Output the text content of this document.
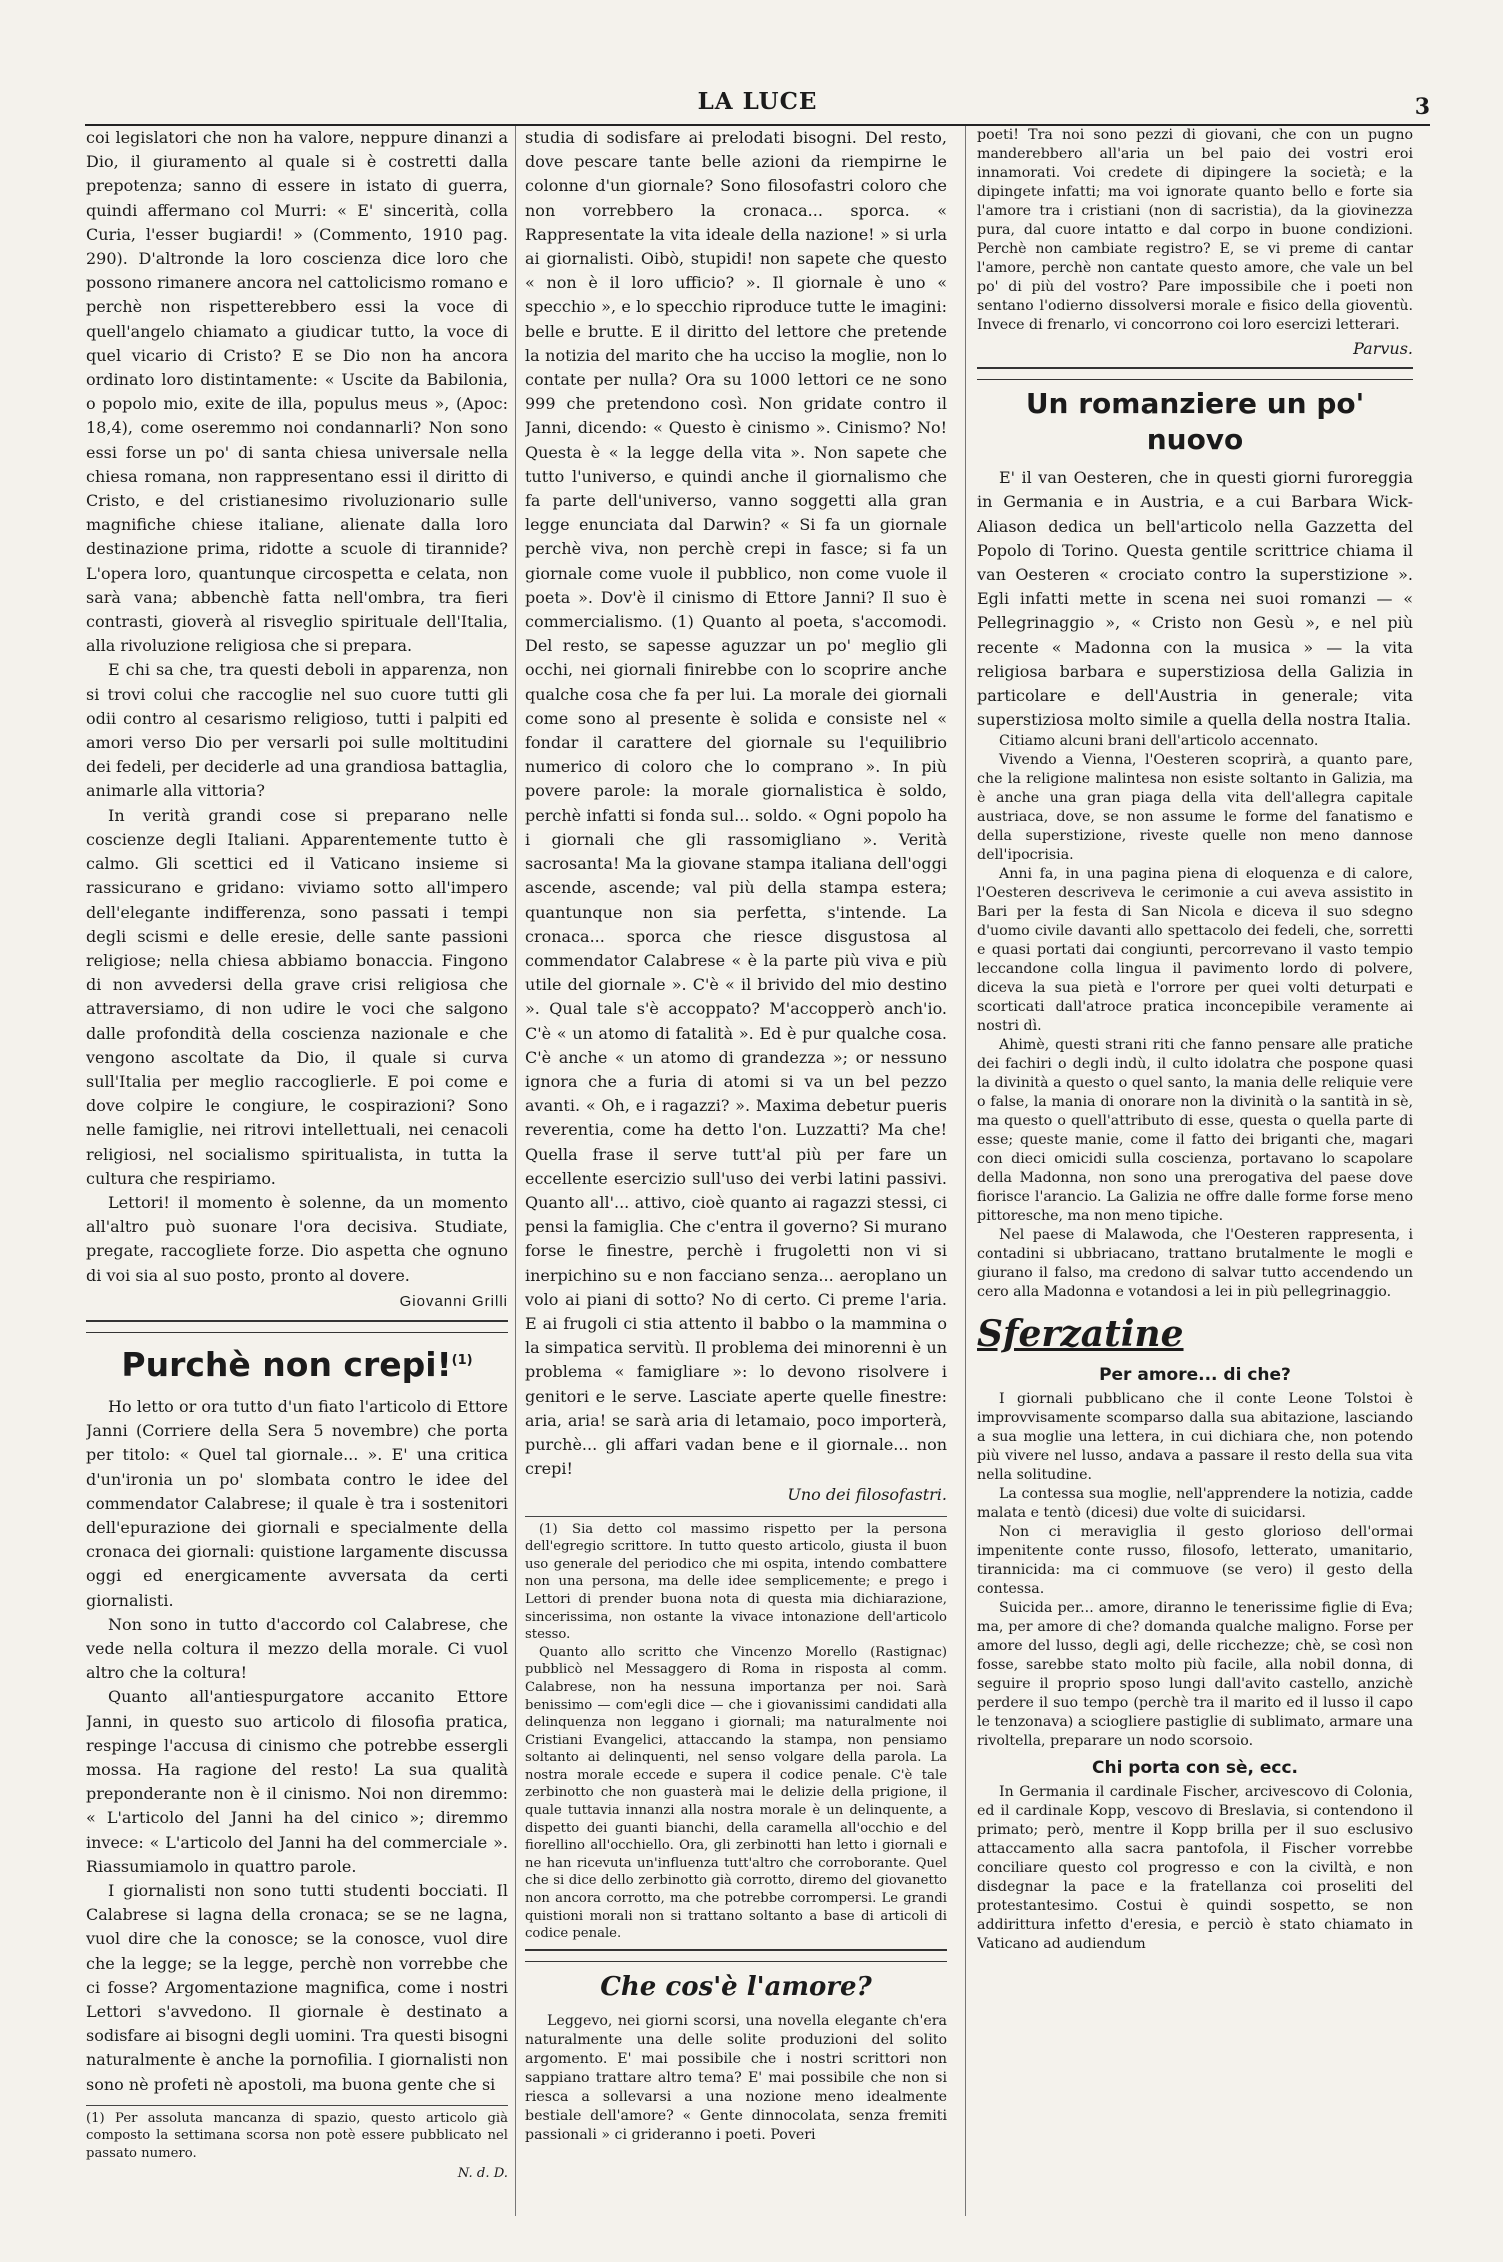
LA LUCE	3

coi legislatori che non ha valore, neppure dinanzi a Dio, il giuramento al quale si è costretti dalla prepotenza; sanno di essere in istato di guerra, quindi affermano col Murri: « E' sincerità, colla Curia, l'esser bugiardi! » (Commento, 1910 pag. 290). D'altronde la loro coscienza dice loro che possono rimanere ancora nel cattolicismo romano e perchè non rispetterebbero essi la voce di quell'angelo chiamato a giudicar tutto, la voce di quel vicario di Cristo? E se Dio non ha ancora ordinato loro distintamente: « Uscite da Babilonia, o popolo mio, exite de illa, populus meus », (Apoc: 18,4), come oseremmo noi condannarli? Non sono essi forse un po' di santa chiesa universale nella chiesa romana, non rappresentano essi il diritto di Cristo, e del cristianesimo rivoluzionario sulle magnifiche chiese italiane, alienate dalla loro destinazione prima, ridotte a scuole di tirannide? L'opera loro, quantunque circospetta e celata, non sarà vana; abbenchè fatta nell'ombra, tra fieri contrasti, gioverà al risveglio spirituale dell'Italia, alla rivoluzione religiosa che si prepara.

E chi sa che, tra questi deboli in apparenza, non si trovi colui che raccoglie nel suo cuore tutti gli odii contro al cesarismo religioso, tutti i palpiti ed amori verso Dio per versarli poi sulle moltitudini dei fedeli, per deciderle ad una grandiosa battaglia, animarle alla vittoria?

In verità grandi cose si preparano nelle coscienze degli Italiani. Apparentemente tutto è calmo. Gli scettici ed il Vaticano insieme si rassicurano e gridano: viviamo sotto all'impero dell'elegante indifferenza, sono passati i tempi degli scismi e delle eresie, delle sante passioni religiose; nella chiesa abbiamo bonaccia. Fingono di non avvedersi della grave crisi religiosa che attraversiamo, di non udire le voci che salgono dalle profondità della coscienza nazionale e che vengono ascoltate da Dio, il quale si curva sull'Italia per meglio raccoglierle. E poi come e dove colpire le congiure, le cospirazioni? Sono nelle famiglie, nei ritrovi intellettuali, nei cenacoli religiosi, nel socialismo spiritualista, in tutta la cultura che respiriamo.

Lettori! il momento è solenne, da un momento all'altro può suonare l'ora decisiva. Studiate, pregate, raccogliete forze. Dio aspetta che ognuno di voi sia al suo posto, pronto al dovere.

Giovanni Grilli
Purchè non crepi!$^{(1)}$

Ho letto or ora tutto d'un fiato l'articolo di Ettore Janni (Corriere della Sera 5 novembre) che porta per titolo: « Quel tal giornale... ». E' una critica d'un'ironia un po' slombata contro le idee del commendator Calabrese; il quale è tra i sostenitori dell'epurazione dei giornali e specialmente della cronaca dei giornali: quistione largamente discussa oggi ed energicamente avversata da certi giornalisti.

Non sono in tutto d'accordo col Calabrese, che vede nella coltura il mezzo della morale. Ci vuol altro che la coltura!

Quanto all'antiespurgatore accanito Ettore Janni, in questo suo articolo di filosofia pratica, respinge l'accusa di cinismo che potrebbe essergli mossa. Ha ragione del resto! La sua qualità preponderante non è il cinismo. Noi non diremmo: « L'articolo del Janni ha del cinico »; diremmo invece: « L'articolo del Janni ha del commerciale ». Riassumiamolo in quattro parole.

I giornalisti non sono tutti studenti bocciati. Il Calabrese si lagna della cronaca; se se ne lagna, vuol dire che la conosce; se la conosce, vuol dire che la legge; se la legge, perchè non vorrebbe che ci fosse? Argomentazione magnifica, come i nostri Lettori s'avvedono. Il giornale è destinato a sodisfare ai bisogni degli uomini. Tra questi bisogni naturalmente è anche la pornofilia. I giornalisti non sono nè profeti nè apostoli, ma buona gente che si

(1) Per assoluta mancanza di spazio, questo articolo già composto la settimana scorsa non potè essere pubblicato nel passato numero.

N. d. D.

studia di sodisfare ai prelodati bisogni. Del resto, dove pescare tante belle azioni da riempirne le colonne d'un giornale? Sono filosofastri coloro che non vorrebbero la cronaca... sporca. « Rappresentate la vita ideale della nazione! » si urla ai giornalisti. Oibò, stupidi! non sapete che questo « non è il loro ufficio? ». Il giornale è uno « specchio », e lo specchio riproduce tutte le imagini: belle e brutte. E il diritto del lettore che pretende la notizia del marito che ha ucciso la moglie, non lo contate per nulla? Ora su 1000 lettori ce ne sono 999 che pretendono così. Non gridate contro il Janni, dicendo: « Questo è cinismo ». Cinismo? No! Questa è « la legge della vita ». Non sapete che tutto l'universo, e quindi anche il giornalismo che fa parte dell'universo, vanno soggetti alla gran legge enunciata dal Darwin? « Si fa un giornale perchè viva, non perchè crepi in fasce; si fa un giornale come vuole il pubblico, non come vuole il poeta ». Dov'è il cinismo di Ettore Janni? Il suo è commercialismo. (1) Quanto al poeta, s'accomodi. Del resto, se sapesse aguzzar un po' meglio gli occhi, nei giornali finirebbe con lo scoprire anche qualche cosa che fa per lui. La morale dei giornali come sono al presente è solida e consiste nel « fondar il carattere del giornale su l'equilibrio numerico di coloro che lo comprano ». In più povere parole: la morale giornalistica è soldo, perchè infatti si fonda sul... soldo. « Ogni popolo ha i giornali che gli rassomigliano ». Verità sacrosanta! Ma la giovane stampa italiana dell'oggi ascende, ascende; val più della stampa estera; quantunque non sia perfetta, s'intende. La cronaca... sporca che riesce disgustosa al commendator Calabrese « è la parte più viva e più utile del giornale ». C'è « il brivido del mio destino ». Qual tale s'è accoppato? M'accopperò anch'io. C'è « un atomo di fatalità ». Ed è pur qualche cosa. C'è anche « un atomo di grandezza »; or nessuno ignora che a furia di atomi si va un bel pezzo avanti. « Oh, e i ragazzi? ». Maxima debetur pueris reverentia, come ha detto l'on. Luzzatti? Ma che! Quella frase il serve tutt'al più per fare un eccellente esercizio sull'uso dei verbi latini passivi. Quanto all'... attivo, cioè quanto ai ragazzi stessi, ci pensi la famiglia. Che c'entra il governo? Si murano forse le finestre, perchè i frugoletti non vi si inerpichino su e non facciano senza... aeroplano un volo ai piani di sotto? No di certo. Ci preme l'aria. E ai frugoli ci stia attento il babbo o la mammina o la simpatica servitù. Il problema dei minorenni è un problema « famigliare »: lo devono risolvere i genitori e le serve. Lasciate aperte quelle finestre: aria, aria! se sarà aria di letamaio, poco importerà, purchè... gli affari vadan bene e il giornale... non crepi!

Uno dei filosofastri.

(1) Sia detto col massimo rispetto per la persona dell'egregio scrittore. In tutto questo articolo, giusta il buon uso generale del periodico che mi ospita, intendo combattere non una persona, ma delle idee semplicemente; e prego i Lettori di prender buona nota di questa mia dichiarazione, sincerissima, non ostante la vivace intonazione dell'articolo stesso.

Quanto allo scritto che Vincenzo Morello (Rastignac) pubblicò nel Messaggero di Roma in risposta al comm. Calabrese, non ha nessuna importanza per noi. Sarà benissimo — com'egli dice — che i giovanissimi candidati alla delinquenza non leggano i giornali; ma naturalmente noi Cristiani Evangelici, attaccando la stampa, non pensiamo soltanto ai delinquenti, nel senso volgare della parola. La nostra morale eccede e supera il codice penale. C'è tale zerbinotto che non guasterà mai le delizie della prigione, il quale tuttavia innanzi alla nostra morale è un delinquente, a dispetto dei guanti bianchi, della caramella all'occhio e del fiorellino all'occhiello. Ora, gli zerbinotti han letto i giornali e ne han ricevuta un'influenza tutt'altro che corroborante. Quel che si dice dello zerbinotto già corrotto, diremo del giovanetto non ancora corrotto, ma che potrebbe corrompersi. Le grandi quistioni morali non si trattano soltanto a base di articoli di codice penale.

Che cos'è l'amore?

Leggevo, nei giorni scorsi, una novella elegante ch'era naturalmente una delle solite produzioni del solito argomento. E' mai possibile che i nostri scrittori non sappiano trattare altro tema? E' mai possibile che non si riesca a sollevarsi a una nozione meno idealmente bestiale dell'amore? « Gente dinnocolata, senza fremiti passionali » ci grideranno i poeti. Poveri

poeti! Tra noi sono pezzi di giovani, che con un pugno manderebbero all'aria un bel paio dei vostri eroi innamorati. Voi credete di dipingere la società; e la dipingete infatti; ma voi ignorate quanto bello e forte sia l'amore tra i cristiani (non di sacristia), da la giovinezza pura, dal cuore intatto e dal corpo in buone condizioni. Perchè non cambiate registro? E, se vi preme di cantar l'amore, perchè non cantate questo amore, che vale un bel po' di più del vostro? Pare impossibile che i poeti non sentano l'odierno dissolversi morale e fisico della gioventù. Invece di frenarlo, vi concorrono coi loro esercizi letterari.

Parvus.
Un romanziere un po' nuovo

E' il van Oesteren, che in questi giorni furoreggia in Germania e in Austria, e a cui Barbara Wick-Aliason dedica un bell'articolo nella Gazzetta del Popolo di Torino. Questa gentile scrittrice chiama il van Oesteren « crociato contro la superstizione ». Egli infatti mette in scena nei suoi romanzi — « Pellegrinaggio », « Cristo non Gesù », e nel più recente « Madonna con la musica » — la vita religiosa barbara e superstiziosa della Galizia in particolare e dell'Austria in generale; vita superstiziosa molto simile a quella della nostra Italia.

Citiamo alcuni brani dell'articolo accennato.

Vivendo a Vienna, l'Oesteren scoprirà, a quanto pare, che la religione malintesa non esiste soltanto in Galizia, ma è anche una gran piaga della vita dell'allegra capitale austriaca, dove, se non assume le forme del fanatismo e della superstizione, riveste quelle non meno dannose dell'ipocrisia.

Anni fa, in una pagina piena di eloquenza e di calore, l'Oesteren descriveva le cerimonie a cui aveva assistito in Bari per la festa di San Nicola e diceva il suo sdegno d'uomo civile davanti allo spettacolo dei fedeli, che, sorretti e quasi portati dai congiunti, percorrevano il vasto tempio leccandone colla lingua il pavimento lordo di polvere, diceva la sua pietà e l'orrore per quei volti deturpati e scorticati dall'atroce pratica inconcepibile veramente ai nostri dì.

Ahimè, questi strani riti che fanno pensare alle pratiche dei fachiri o degli indù, il culto idolatra che pospone quasi la divinità a questo o quel santo, la mania delle reliquie vere o false, la mania di onorare non la divinità o la santità in sè, ma questo o quell'attributo di esse, questa o quella parte di esse; queste manie, come il fatto dei briganti che, magari con dieci omicidi sulla coscienza, portavano lo scapolare della Madonna, non sono una prerogativa del paese dove fiorisce l'arancio. La Galizia ne offre dalle forme forse meno pittoresche, ma non meno tipiche.

Nel paese di Malawoda, che l'Oesteren rappresenta, i contadini si ubbriacano, trattano brutalmente le mogli e giurano il falso, ma credono di salvar tutto accendendo un cero alla Madonna e votandosi a lei in più pellegrinaggio.

Sferzatine
Per amore... di che?

I giornali pubblicano che il conte Leone Tolstoi è improvvisamente scomparso dalla sua abitazione, lasciando a sua moglie una lettera, in cui dichiara che, non potendo più vivere nel lusso, andava a passare il resto della sua vita nella solitudine.

La contessa sua moglie, nell'apprendere la notizia, cadde malata e tentò (dicesi) due volte di suicidarsi.

Non ci meraviglia il gesto glorioso dell'ormai impenitente conte russo, filosofo, letterato, umanitario, tirannicida: ma ci commuove (se vero) il gesto della contessa.

Suicida per... amore, diranno le tenerissime figlie di Eva; ma, per amore di che? domanda qualche maligno. Forse per amore del lusso, degli agi, delle ricchezze; chè, se così non fosse, sarebbe stato molto più facile, alla nobil donna, di seguire il proprio sposo lungi dall'avito castello, anzichè perdere il suo tempo (perchè tra il marito ed il lusso il capo le tenzonava) a sciogliere pastiglie di sublimato, armare una rivoltella, preparare un nodo scorsoio.

Chi porta con sè, ecc.

In Germania il cardinale Fischer, arcivescovo di Colonia, ed il cardinale Kopp, vescovo di Breslavia, si contendono il primato; però, mentre il Kopp brilla per il suo esclusivo attaccamento alla sacra pantofola, il Fischer vorrebbe conciliare questo col progresso e con la civiltà, e non disdegnar la pace e la fratellanza coi proseliti del protestantesimo. Costui è quindi sospetto, se non addirittura infetto d'eresia, e perciò è stato chiamato in Vaticano ad audiendum
